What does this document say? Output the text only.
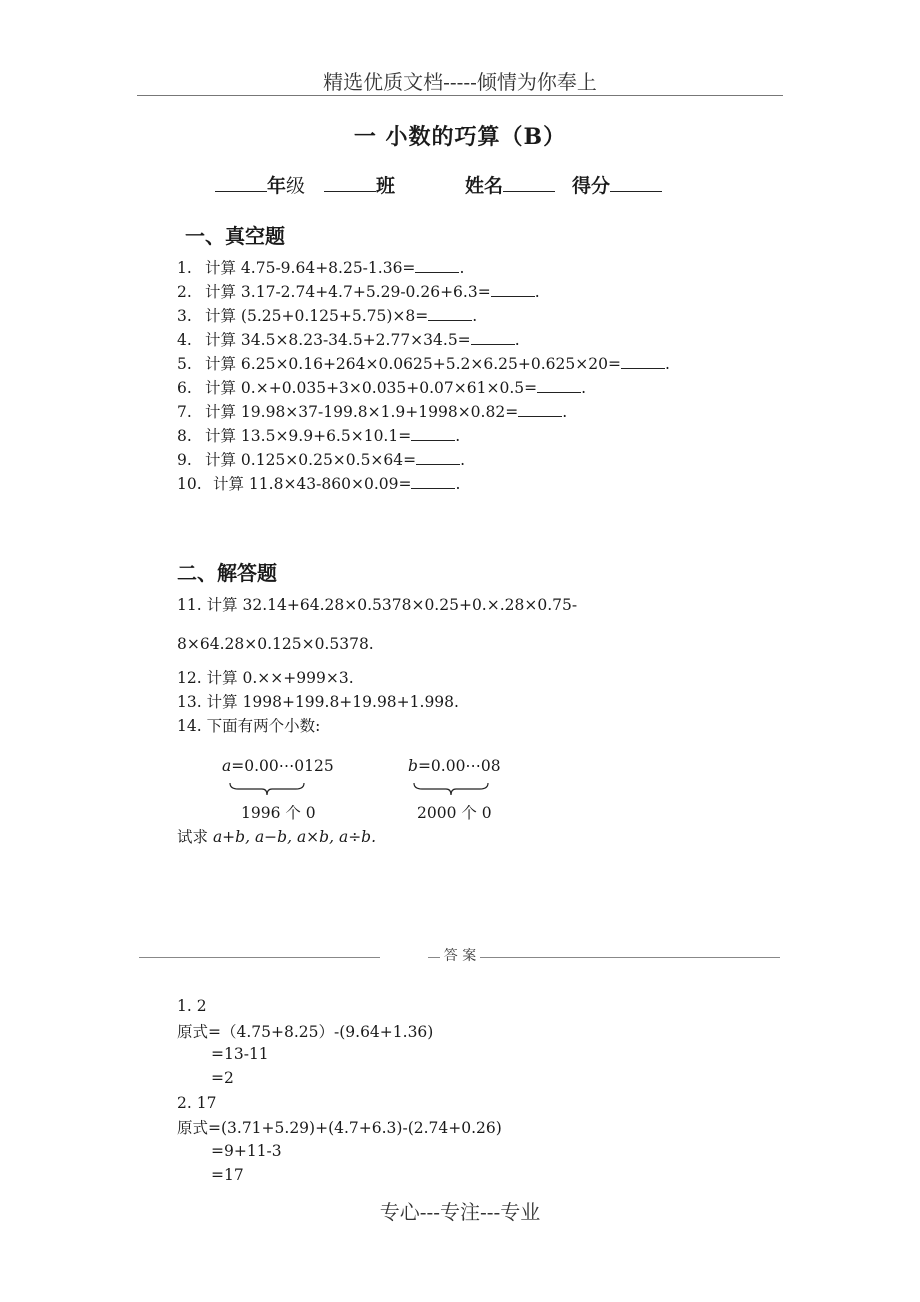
精选优质文档-----倾情为你奉上
一 小数的巧算（B）
年级	班	姓名	得分
一、真空题
1. 计算 4.75-9.64+8.25-1.36=	.
2. 计算 3.17-2.74+4.7+5.29-0.26+6.3=	.
3. 计算 (5.25+0.125+5.75)×8=	.
4. 计算 34.5×8.23-34.5+2.77×34.5=	.
5. 计算 6.25×0.16+264×0.0625+5.2×6.25+0.625×20=	.
6. 计算 0.×+0.035+3×0.035+0.07×61×0.5=	.
7. 计算 19.98×37-199.8×1.9+1998×0.82=	.
8. 计算 13.5×9.9+6.5×10.1=	.
9. 计算 0.125×0.25×0.5×64=	.
10. 计算 11.8×43-860×0.09=	.
二、解答题
11. 计算 32.14+64.28×0.5378×0.25+0.×.28×0.75-
8×64.28×0.125×0.5378.
12. 计算 0.××+999×3.
13. 计算 1998+199.8+19.98+1.998.
14. 下面有两个小数:
a=0.00⋯0125
1996 个 0
b=0.00⋯08
2000 个 0
试求 a+b, a−b, a×b, a÷b.
答 案
1. 2
原式=（4.75+8.25）-(9.64+1.36)
=13-11
=2
2. 17
原式=(3.71+5.29)+(4.7+6.3)-(2.74+0.26)
=9+11-3
=17
专心---专注---专业
